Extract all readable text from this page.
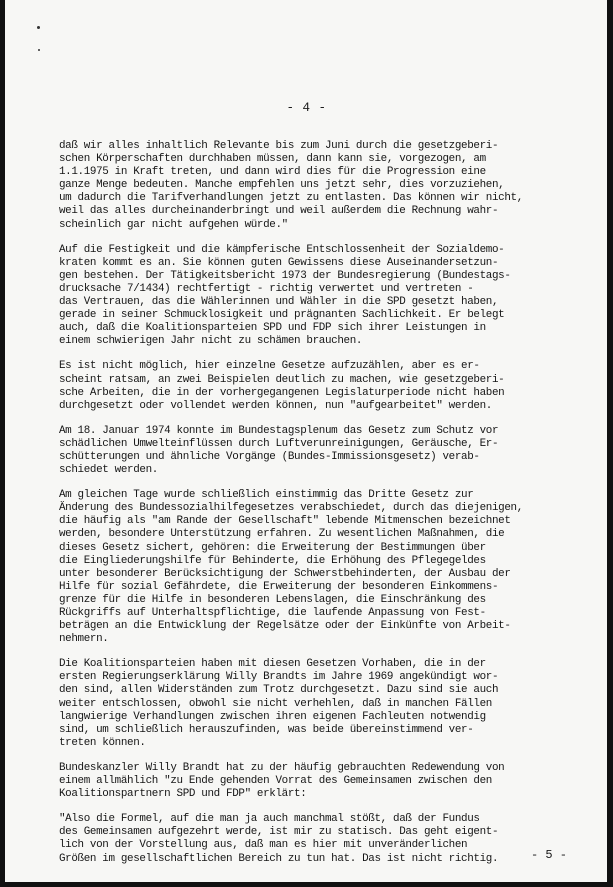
- 4 -
daß wir alles inhaltlich Relevante bis zum Juni durch die gesetzgeberi-
schen Körperschaften durchhaben müssen, dann kann sie, vorgezogen, am
1.1.1975 in Kraft treten, und dann wird dies für die Progression eine
ganze Menge bedeuten. Manche empfehlen uns jetzt sehr, dies vorzuziehen,
um dadurch die Tarifverhandlungen jetzt zu entlasten. Das können wir nicht,
weil das alles durcheinanderbringt und weil außerdem die Rechnung wahr-
scheinlich gar nicht aufgehen würde."
Auf die Festigkeit und die kämpferische Entschlossenheit der Sozialdemo-
kraten kommt es an. Sie können guten Gewissens diese Auseinandersetzun-
gen bestehen. Der Tätigkeitsbericht 1973 der Bundesregierung (Bundestags-
drucksache 7/1434) rechtfertigt - richtig verwertet und vertreten -
das Vertrauen, das die Wählerinnen und Wähler in die SPD gesetzt haben,
gerade in seiner Schmucklosigkeit und prägnanten Sachlichkeit. Er belegt
auch, daß die Koalitionsparteien SPD und FDP sich ihrer Leistungen in
einem schwierigen Jahr nicht zu schämen brauchen.
Es ist nicht möglich, hier einzelne Gesetze aufzuzählen, aber es er-
scheint ratsam, an zwei Beispielen deutlich zu machen, wie gesetzgeberi-
sche Arbeiten, die in der vorhergegangenen Legislaturperiode nicht haben
durchgesetzt oder vollendet werden können, nun "aufgearbeitet" werden.
Am 18. Januar 1974 konnte im Bundestagsplenum das Gesetz zum Schutz vor
schädlichen Umwelteinflüssen durch Luftverunreinigungen, Geräusche, Er-
schütterungen und ähnliche Vorgänge (Bundes-Immissionsgesetz) verab-
schiedet werden.
Am gleichen Tage wurde schließlich einstimmig das Dritte Gesetz zur
Änderung des Bundessozialhilfegesetzes verabschiedet, durch das diejenigen,
die häufig als "am Rande der Gesellschaft" lebende Mitmenschen bezeichnet
werden, besondere Unterstützung erfahren. Zu wesentlichen Maßnahmen, die
dieses Gesetz sichert, gehören: die Erweiterung der Bestimmungen über
die Eingliederungshilfe für Behinderte, die Erhöhung des Pflegegeldes
unter besonderer Berücksichtigung der Schwerstbehinderten, der Ausbau der
Hilfe für sozial Gefährdete, die Erweiterung der besonderen Einkommens-
grenze für die Hilfe in besonderen Lebenslagen, die Einschränkung des
Rückgriffs auf Unterhaltspflichtige, die laufende Anpassung von Fest-
beträgen an die Entwicklung der Regelsätze oder der Einkünfte von Arbeit-
nehmern.
Die Koalitionsparteien haben mit diesen Gesetzen Vorhaben, die in der
ersten Regierungserklärung Willy Brandts im Jahre 1969 angekündigt wor-
den sind, allen Widerständen zum Trotz durchgesetzt. Dazu sind sie auch
weiter entschlossen, obwohl sie nicht verhehlen, daß in manchen Fällen
langwierige Verhandlungen zwischen ihren eigenen Fachleuten notwendig
sind, um schließlich herauszufinden, was beide übereinstimmend ver-
treten können.
Bundeskanzler Willy Brandt hat zu der häufig gebrauchten Redewendung von
einem allmählich "zu Ende gehenden Vorrat des Gemeinsamen zwischen den
Koalitionspartnern SPD und FDP" erklärt:
"Also die Formel, auf die man ja auch manchmal stößt, daß der Fundus
des Gemeinsamen aufgezehrt werde, ist mir zu statisch. Das geht eigent-
lich von der Vorstellung aus, daß man es hier mit unveränderlichen
Größen im gesellschaftlichen Bereich zu tun hat. Das ist nicht richtig.	- 5 -
